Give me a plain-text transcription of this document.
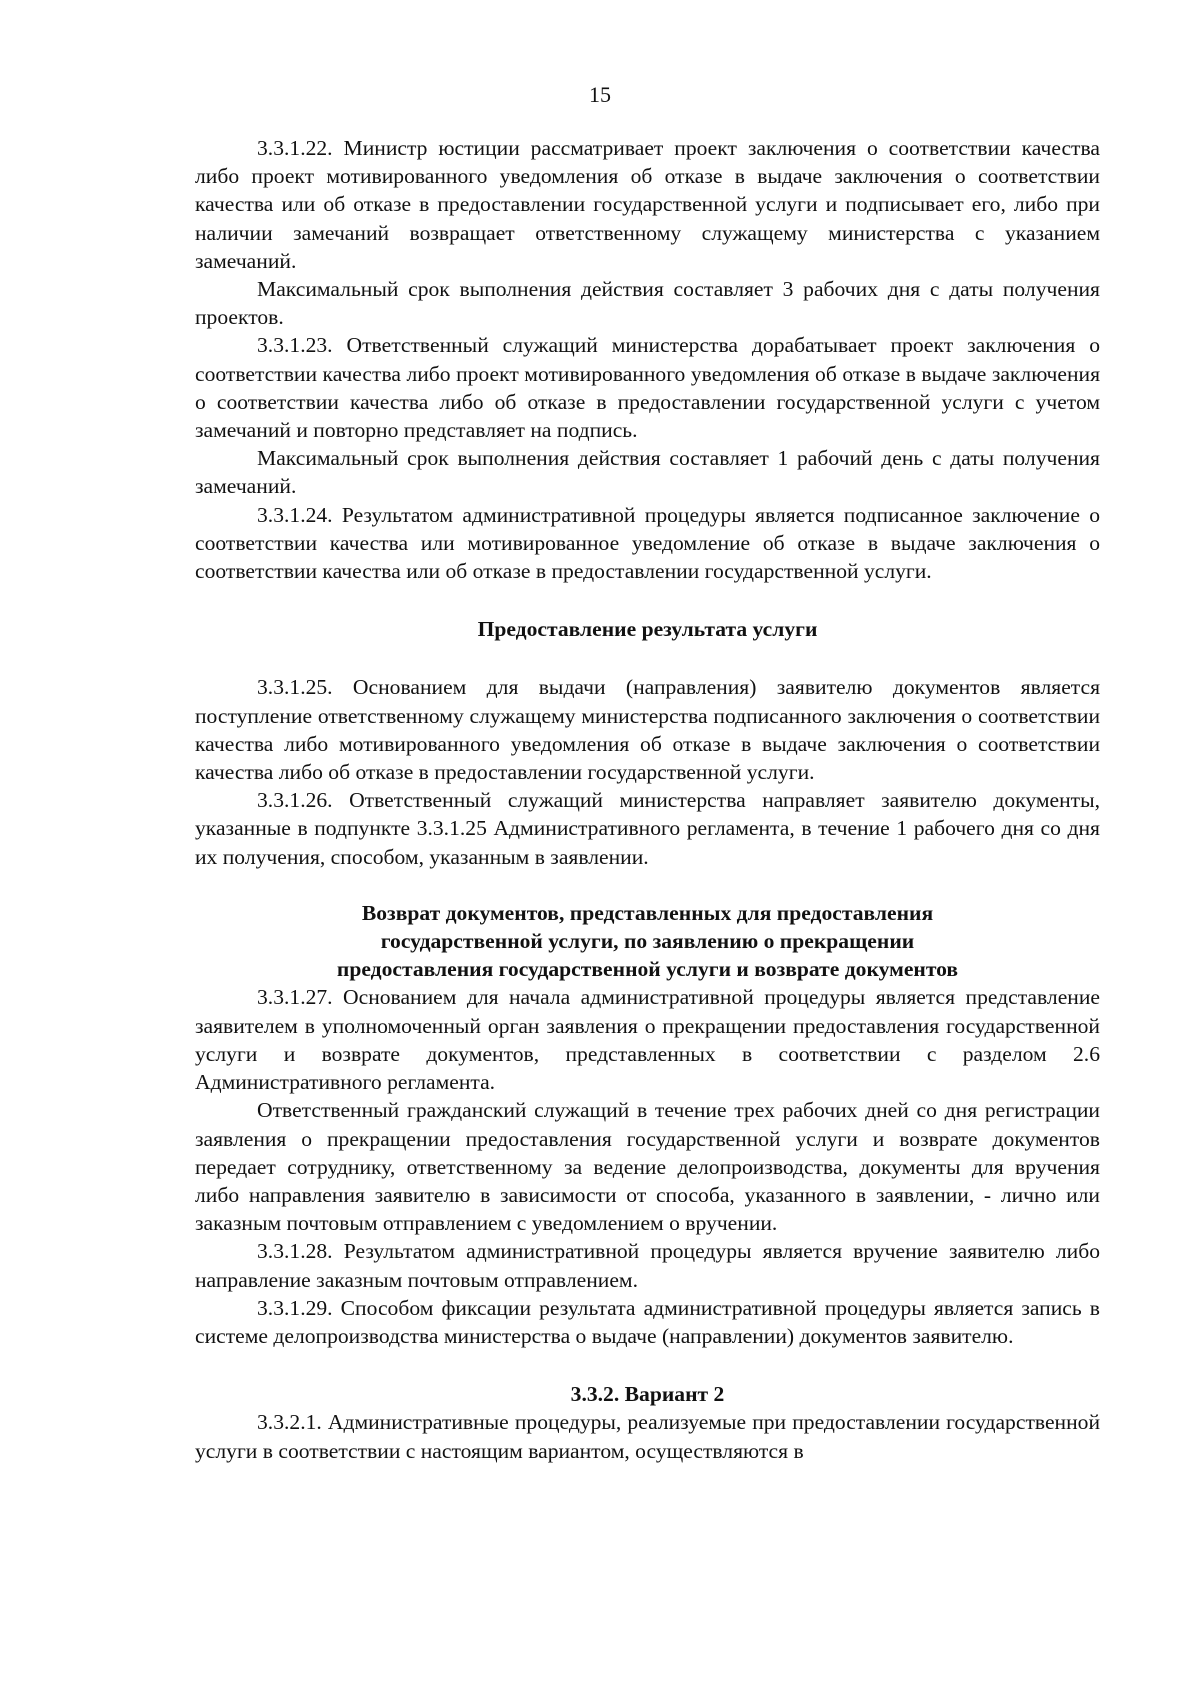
15

3.3.1.22. Министр юстиции рассматривает проект заключения о соответствии качества либо проект мотивированного уведомления об отказе в выдаче заключения о соответствии качества или об отказе в предоставлении государственной услуги и подписывает его, либо при наличии замечаний возвращает ответственному служащему министерства с указанием замечаний.

Максимальный срок выполнения действия составляет 3 рабочих дня с даты получения проектов.

3.3.1.23. Ответственный служащий министерства дорабатывает проект заключения о соответствии качества либо проект мотивированного уведомления об отказе в выдаче заключения о соответствии качества либо об отказе в предоставлении государственной услуги с учетом замечаний и повторно представляет на подпись.

Максимальный срок выполнения действия составляет 1 рабочий день с даты получения замечаний.

3.3.1.24. Результатом административной процедуры является подписанное заключение о соответствии качества или мотивированное уведомление об отказе в выдаче заключения о соответствии качества или об отказе в предоставлении государственной услуги.

Предоставление результата услуги

3.3.1.25. Основанием для выдачи (направления) заявителю документов является поступление ответственному служащему министерства подписанного заключения о соответствии качества либо мотивированного уведомления об отказе в выдаче заключения о соответствии качества либо об отказе в предоставлении государственной услуги.

3.3.1.26. Ответственный служащий министерства направляет заявителю документы, указанные в подпункте 3.3.1.25 Административного регламента, в течение 1 рабочего дня со дня их получения, способом, указанным в заявлении.

Возврат документов, представленных для предоставления
государственной услуги, по заявлению о прекращении
предоставления государственной услуги и возврате документов

3.3.1.27. Основанием для начала административной процедуры является представление заявителем в уполномоченный орган заявления о прекращении предоставления государственной услуги и возврате документов, представленных в соответствии с разделом 2.6 Административного регламента.

Ответственный гражданский служащий в течение трех рабочих дней со дня регистрации заявления о прекращении предоставления государственной услуги и возврате документов передает сотруднику, ответственному за ведение делопроизводства, документы для вручения либо направления заявителю в зависимости от способа, указанного в заявлении, - лично или заказным почтовым отправлением с уведомлением о вручении.

3.3.1.28. Результатом административной процедуры является вручение заявителю либо направление заказным почтовым отправлением.

3.3.1.29. Способом фиксации результата административной процедуры является запись в системе делопроизводства министерства о выдаче (направлении) документов заявителю.

3.3.2. Вариант 2

3.3.2.1. Административные процедуры, реализуемые при предоставлении государственной услуги в соответствии с настоящим вариантом, осуществляются в
